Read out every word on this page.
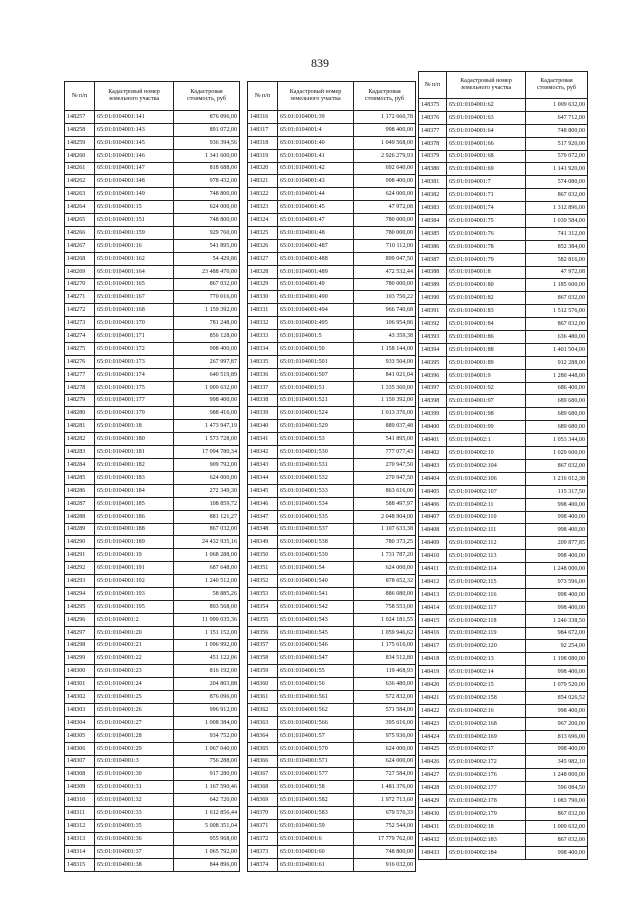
839
№ п/п	Кадастровый номер земельного участка	Кадастровая стоимость, руб
148257	65:01:0104001:141	876 096,00
148258	65:01:0104001:143	891 072,00
148259	65:01:0104001:145	936 394,56
148260	65:01:0104001:146	1 341 600,00
148261	65:01:0104001:147	818 688,00
148262	65:01:0104001:148	978 432,00
148263	65:01:0104001:149	748 800,00
148264	65:01:0104001:15	624 000,00
148265	65:01:0104001:151	748 800,00
148266	65:01:0104001:159	929 760,00
148267	65:01:0104001:16	541 895,00
148268	65:01:0104001:162	54 429,86
148269	65:01:0104001:164	23 488 470,00
148270	65:01:0104001:165	867 032,00
148271	65:01:0104001:167	770 016,00
148272	65:01:0104001:168	1 159 392,00
148273	65:01:0104001:170	781 248,00
148274	65:01:0104001:171	856 128,00
148275	65:01:0104001:172	998 400,00
148276	65:01:0104001:173	267 997,87
148277	65:01:0104001:174	640 519,89
148278	65:01:0104001:175	1 009 632,00
148279	65:01:0104001:177	998 400,00
148280	65:01:0104001:179	988 416,00
148281	65:01:0104001:18	1 473 947,19
148282	65:01:0104001:180	1 573 728,00
148283	65:01:0104001:181	17 094 780,34
148284	65:01:0104001:182	909 792,00
148285	65:01:0104001:183	624 000,00
148286	65:01:0104001:184	272 349,30
148287	65:01:0104001:185	108 859,72
148288	65:01:0104001:186	881 121,27
148289	65:01:0104001:188	867 032,00
148290	65:01:0104001:189	24 432 935,16
148291	65:01:0104001:19	1 068 288,00
148292	65:01:0104001:191	687 648,00
148293	65:01:0104001:192	1 240 512,00
148294	65:01:0104001:193	58 885,26
148295	65:01:0104001:195	893 568,00
148296	65:01:0104001:2	11 999 035,36
148297	65:01:0104001:20	1 151 152,00
148298	65:01:0104001:21	1 096 992,00
148299	65:01:0104001:22	451 122,06
148300	65:01:0104001:23	816 192,00
148301	65:01:0104001:24	204 803,88
148302	65:01:0104001:25	876 096,00
148303	65:01:0104001:26	996 912,00
148304	65:01:0104001:27	1 008 384,00
148305	65:01:0104001:28	934 752,00
148306	65:01:0104001:29	1 067 040,00
148307	65:01:0104001:3	756 288,00
148308	65:01:0104001:30	917 280,00
148309	65:01:0104001:31	1 167 590,46
148310	65:01:0104001:32	642 720,00
148311	65:01:0104001:33	1 612 856,44
148312	65:01:0104001:35	5 008 351,04
148313	65:01:0104001:36	955 968,00
148314	65:01:0104001:37	1 065 792,00
148315	65:01:0104001:38	844 896,00
№ п/п	Кадастровый номер земельного участка	Кадастровая стоимость, руб
148316	65:01:0104001:39	1 172 660,78
148317	65:01:0104001:4	998 400,00
148318	65:01:0104001:40	1 049 568,00
148319	65:01:0104001:41	2 926 279,93
148320	65:01:0104001:42	692 640,00
148321	65:01:0104001:43	998 400,00
148322	65:01:0104001:44	624 000,00
148323	65:01:0104001:45	47 972,08
148324	65:01:0104001:47	780 000,00
148325	65:01:0104001:48	780 000,00
148326	65:01:0104001:487	710 112,00
148327	65:01:0104001:488	899 047,50
148328	65:01:0104001:489	472 532,44
148329	65:01:0104001:49	780 000,00
148330	65:01:0104001:490	103 750,22
148331	65:01:0104001:494	966 740,68
148332	65:01:0104001:495	106 954,86
148333	65:01:0104001:5	43 359,38
148334	65:01:0104001:50	1 158 144,00
148335	65:01:0104001:501	933 504,00
148336	65:01:0104001:507	841 021,04
148337	65:01:0104001:51	1 335 360,00
148338	65:01:0104001:521	1 159 392,00
148339	65:01:0104001:524	1 013 376,00
148340	65:01:0104001:529	889 037,48
148341	65:01:0104001:53	541 895,00
148342	65:01:0104001:530	777 077,43
148343	65:01:0104001:531	270 947,50
148344	65:01:0104001:532	270 947,50
148345	65:01:0104001:533	863 616,00
148346	65:01:0104001:534	588 497,97
148347	65:01:0104001:535	2 048 904,00
148348	65:01:0104001:537	1 107 633,38
148349	65:01:0104001:538	780 373,25
148350	65:01:0104001:539	1 731 787,20
148351	65:01:0104001:54	624 000,00
148352	65:01:0104001:540	878 652,32
148353	65:01:0104001:541	886 080,00
148354	65:01:0104001:542	758 553,00
148355	65:01:0104001:543	1 024 181,55
148356	65:01:0104001:545	1 059 946,62
148357	65:01:0104001:546	1 175 616,00
148358	65:01:0104001:547	834 512,80
148359	65:01:0104001:55	119 468,93
148360	65:01:0104001:56	636 480,00
148361	65:01:0104001:561	572 832,00
148362	65:01:0104001:562	571 584,00
148363	65:01:0104001:566	395 616,00
148364	65:01:0104001:57	975 936,00
148365	65:01:0104001:570	624 000,00
148366	65:01:0104001:571	624 000,00
148367	65:01:0104001:577	727 584,00
148368	65:01:0104001:58	1 481 376,00
148369	65:01:0104001:582	1 972 713,60
148370	65:01:0104001:583	679 576,33
148371	65:01:0104001:59	752 544,00
148372	65:01:0104001:6	17 779 762,00
148373	65:01:0104001:60	748 800,00
148374	65:01:0104001:61	916 032,00
№ п/п	Кадастровый номер земельного участка	Кадастровая стоимость, руб
148375	65:01:0104001:62	1 009 632,00
148376	65:01:0104001:63	647 712,00
148377	65:01:0104001:64	748 800,00
148378	65:01:0104001:66	517 920,00
148379	65:01:0104001:68	579 072,00
148380	65:01:0104001:69	1 141 920,00
148381	65:01:0104001:7	574 080,00
148382	65:01:0104001:71	867 032,00
148383	65:01:0104001:74	1 312 896,00
148384	65:01:0104001:75	1 039 584,00
148385	65:01:0104001:76	741 312,00
148386	65:01:0104001:78	852 384,00
148387	65:01:0104001:79	582 816,00
148388	65:01:0104001:8	47 972,08
148389	65:01:0104001:80	1 185 600,00
148390	65:01:0104001:82	867 032,00
148391	65:01:0104001:83	1 512 576,00
148392	65:01:0104001:84	867 032,00
148393	65:01:0104001:86	636 480,00
148394	65:01:0104001:88	1 401 504,00
148395	65:01:0104001:89	912 288,00
148396	65:01:0104001:9	1 280 448,00
148397	65:01:0104001:92	686 400,00
148398	65:01:0104001:97	689 680,00
148399	65:01:0104001:98	689 680,00
148400	65:01:0104001:99	689 680,00
148401	65:01:0104002:1	1 053 344,00
148402	65:01:0104002:10	1 029 600,00
148403	65:01:0104002:104	867 032,00
148404	65:01:0104002:106	1 216 012,38
148405	65:01:0104002:107	115 317,50
148406	65:01:0104002:11	998 400,00
148407	65:01:0104002:110	998 400,00
148408	65:01:0104002:111	998 400,00
148409	65:01:0104002:112	209 877,85
148410	65:01:0104002:113	998 400,00
148411	65:01:0104002:114	1 248 000,00
148412	65:01:0104002:115	973 596,00
148413	65:01:0104002:116	998 400,00
148414	65:01:0104002:117	998 400,00
148415	65:01:0104002:118	1 246 338,50
148416	65:01:0104002:119	984 672,00
148417	65:01:0104002:120	92 254,00
148418	65:01:0104002:13	1 198 080,00
148419	65:01:0104002:14	998 400,00
148420	65:01:0104002:15	1 079 520,00
148421	65:01:0104002:158	854 026,52
148422	65:01:0104002:16	998 400,00
148423	65:01:0104002:168	967 200,00
148424	65:01:0104002:169	813 696,00
148425	65:01:0104002:17	998 400,00
148426	65:01:0104002:172	345 982,10
148427	65:01:0104002:176	1 248 000,00
148428	65:01:0104002:177	596 084,50
148429	65:01:0104002:178	1 083 790,00
148430	65:01:0104002:179	867 032,00
148431	65:01:0104002:18	1 009 632,00
148432	65:01:0104002:183	867 032,00
148433	65:01:0104002:184	998 400,00
